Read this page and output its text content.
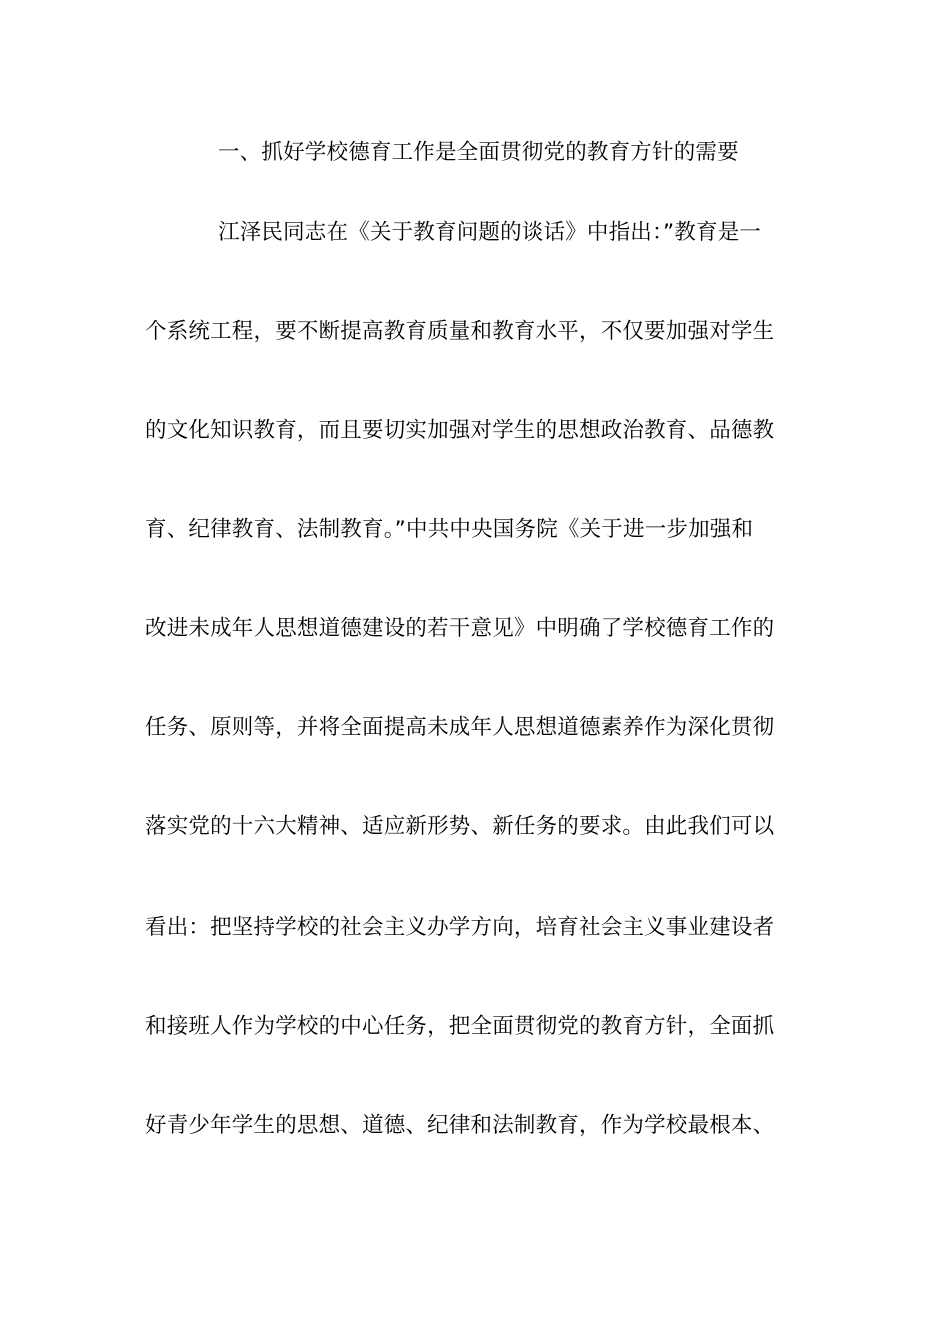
一、抓好学校德育工作是全面贯彻党的教育方针的需要
江泽民同志在《关于教育问题的谈话》中指出：”教育是一
个系统工程，要不断提高教育质量和教育水平，不仅要加强对学生
的文化知识教育，而且要切实加强对学生的思想政治教育、品德教
育、纪律教育、法制教育。”中共中央国务院《关于进一步加强和
改进未成年人思想道德建设的若干意见》中明确了学校德育工作的
任务、原则等，并将全面提高未成年人思想道德素养作为深化贯彻
落实党的十六大精神、适应新形势、新任务的要求。由此我们可以
看出：把坚持学校的社会主义办学方向，培育社会主义事业建设者
和接班人作为学校的中心任务，把全面贯彻党的教育方针，全面抓
好青少年学生的思想、道德、纪律和法制教育，作为学校最根本、
